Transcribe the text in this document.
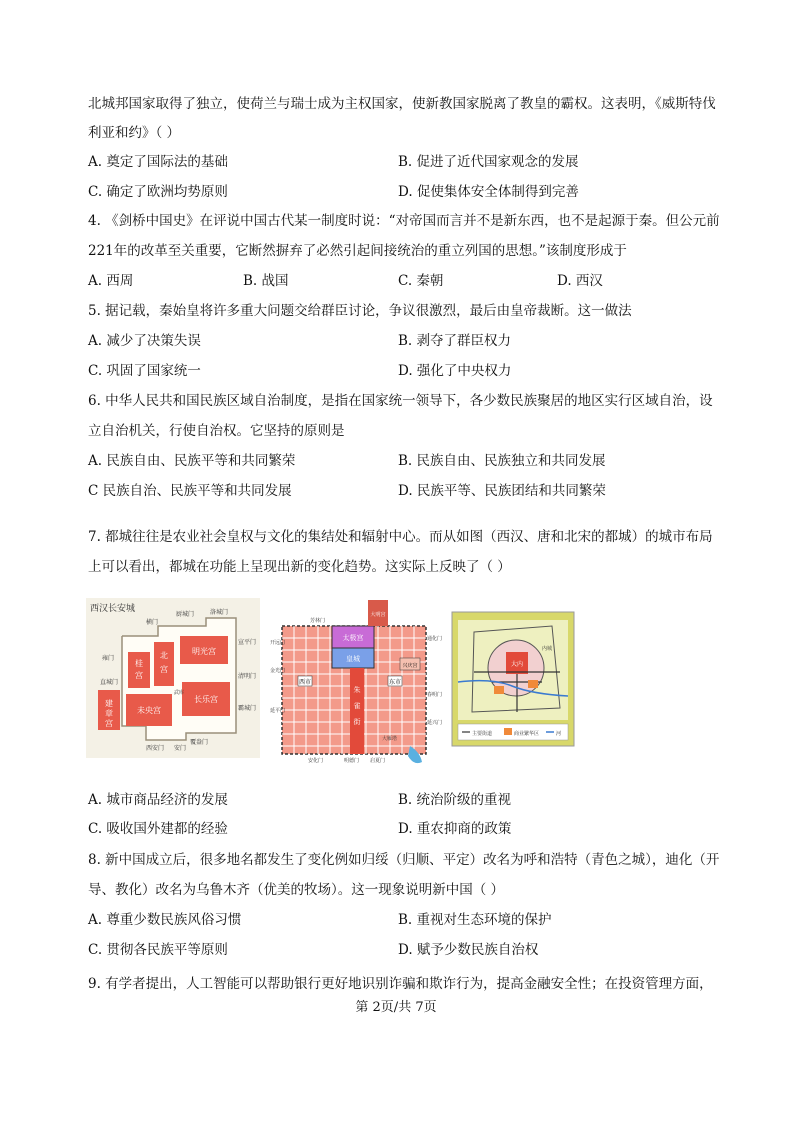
北城邦国家取得了独立，使荷兰与瑞士成为主权国家，使新教国家脱离了教皇的霸权。这表明，《威斯特伐
利亚和约》（ ）
A. 奠定了国际法的基础	B. 促进了近代国家观念的发展
C. 确定了欧洲均势原则	D. 促使集体安全体制得到完善
4. 《剑桥中国史》在评说中国古代某一制度时说：“对帝国而言并不是新东西，也不是起源于秦。但公元前
221年的改革至关重要，它断然摒弃了必然引起间接统治的重立列国的思想。”该制度形成于
A. 西周	B. 战国	C. 秦朝	D. 西汉
5. 据记载，秦始皇将许多重大问题交给群臣讨论，争议很激烈，最后由皇帝裁断。这一做法
A. 减少了决策失误	B. 剥夺了群臣权力
C. 巩固了国家统一	D. 强化了中央权力
6. 中华人民共和国民族区域自治制度，是指在国家统一领导下，各少数民族聚居的地区实行区域自治，设
立自治机关，行使自治权。它坚持的原则是
A. 民族自由、民族平等和共同繁荣	B. 民族自由、民族独立和共同发展
C 民族自治、民族平等和共同发展	D. 民族平等、民族团结和共同繁荣
7. 都城往往是农业社会皇权与文化的集结处和辐射中心。而从如图（西汉、唐和北宋的都城）的城市布局
上可以看出，都城在功能上呈现出新的变化趋势。这实际上反映了（ ）
西汉长安城
明光宫
桂
宫
北
宫
长乐宫
建
章
宫
未央宫
横门
厨城门	洛城门
宣平门
清明门
霸城门
雍门
直城门
西安门 安门
覆盎门
武库
太极宫
皇城
大明宫
朱
雀
街
西市	东市
兴庆宫
芳林门
开远门
金光门
延平门
春明门
延兴门
通化门
大雁塔
明德门 启夏门
安化门
大内
内城
主要街道	商业繁华区	河
A. 城市商品经济的发展	B. 统治阶级的重视
C. 吸收国外建都的经验	D. 重农抑商的政策
8. 新中国成立后，很多地名都发生了变化例如归绥（归顺、平定）改名为呼和浩特（青色之城），迪化（开
导、教化）改名为乌鲁木齐（优美的牧场）。这一现象说明新中国（ ）
A. 尊重少数民族风俗习惯	B. 重视对生态环境的保护
C. 贯彻各民族平等原则	D. 赋予少数民族自治权
9. 有学者提出，人工智能可以帮助银行更好地识别诈骗和欺诈行为，提高金融安全性；在投资管理方面，
第 2页/共 7页
